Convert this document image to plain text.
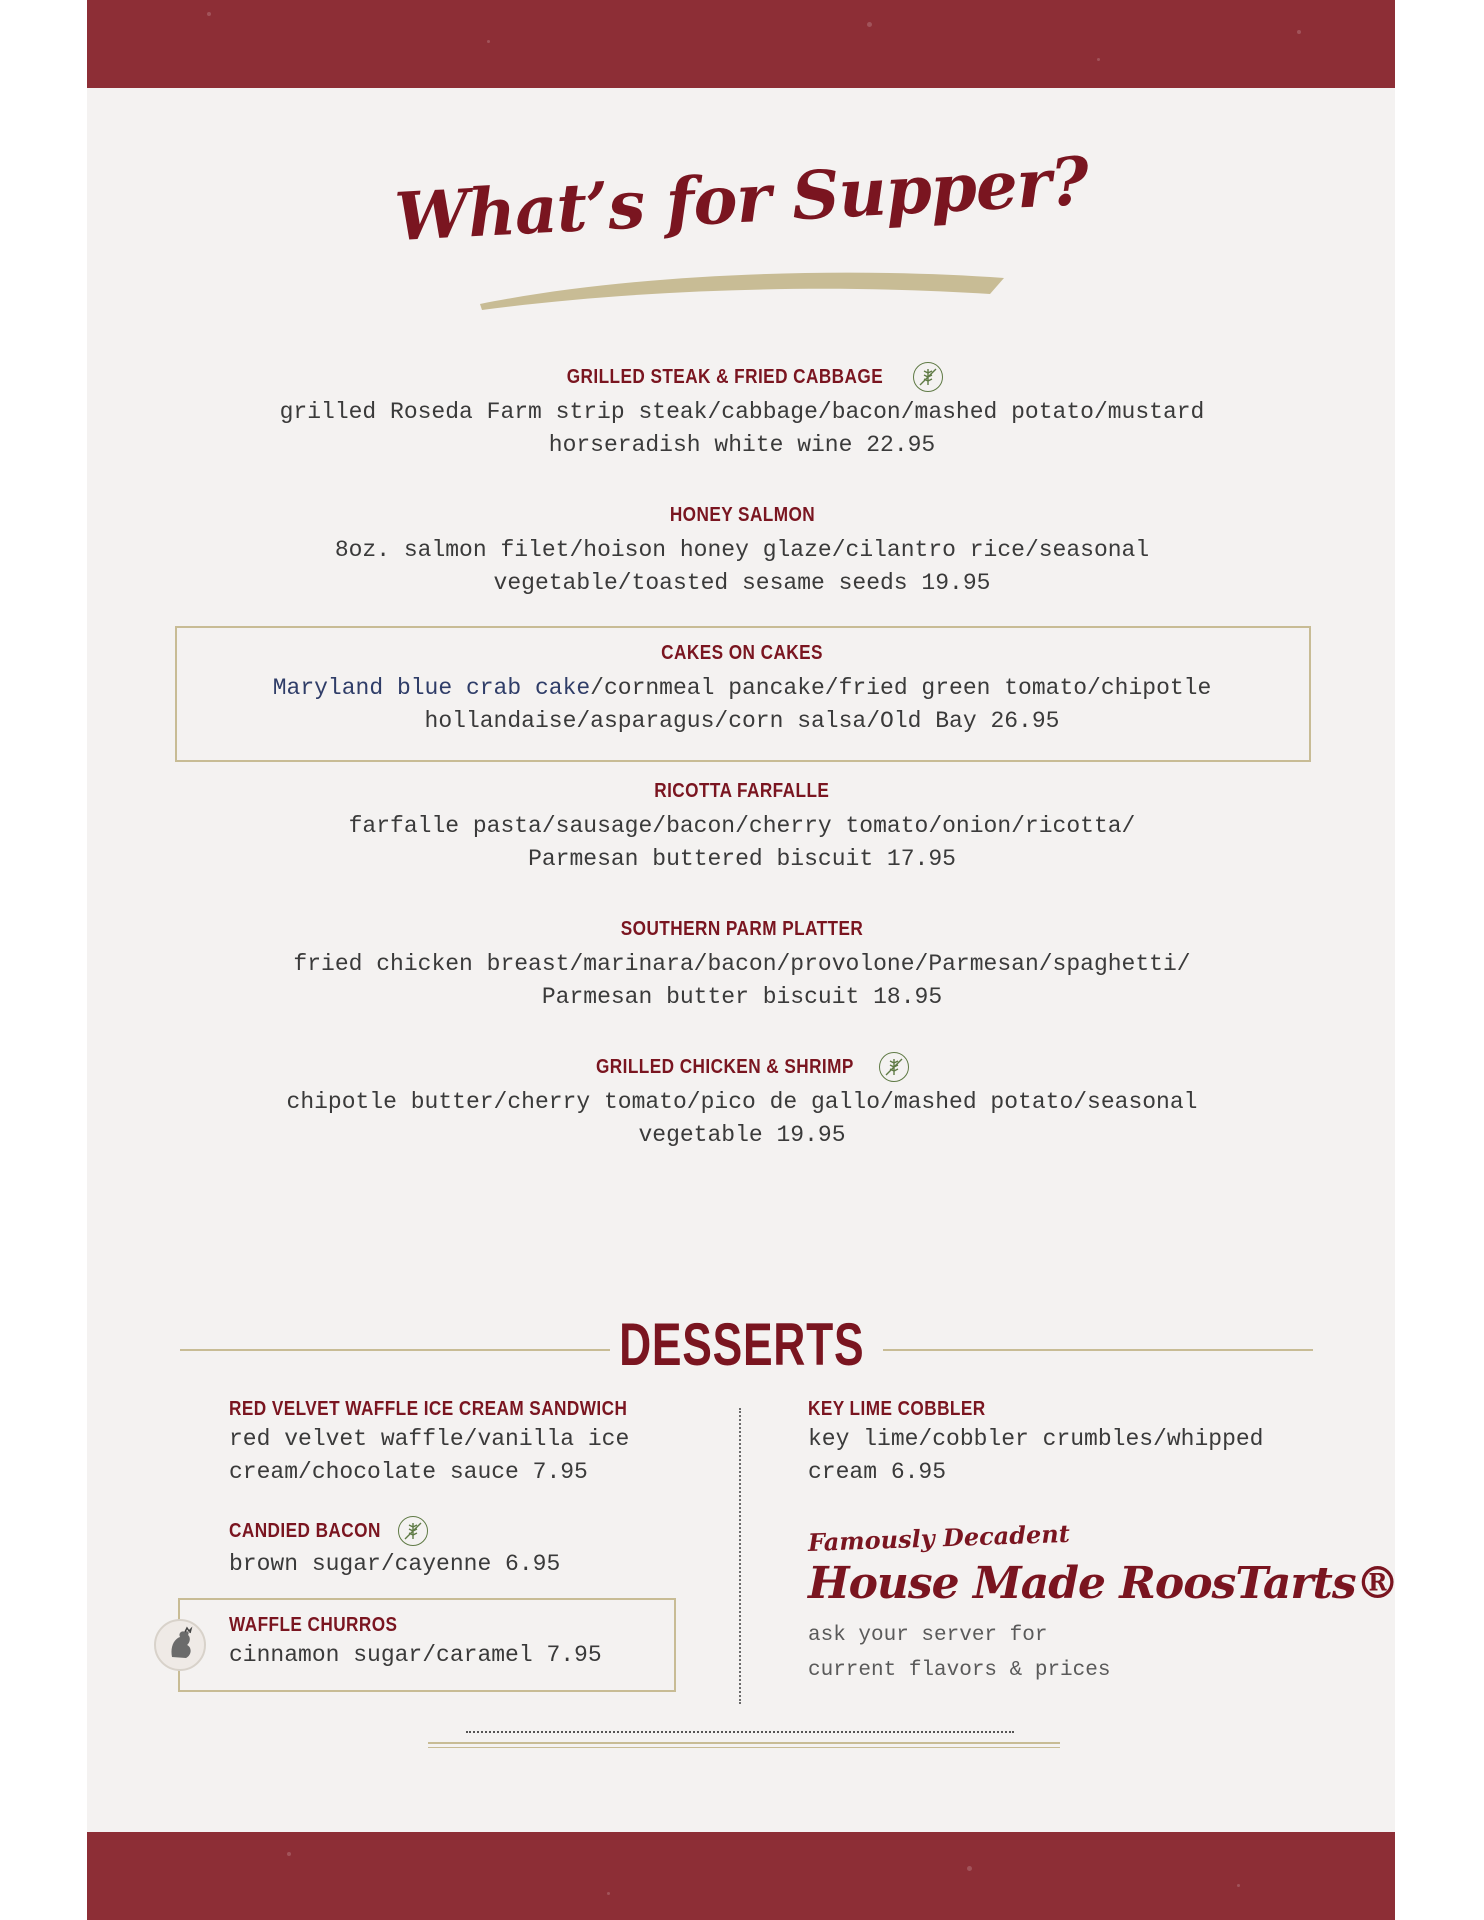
What’s for Supper?
GRILLED STEAK & FRIED CABBAGE
grilled Roseda Farm strip steak/cabbage/bacon/mashed potato/mustard
horseradish white wine 22.95
HONEY SALMON
8oz. salmon filet/hoison honey glaze/cilantro rice/seasonal
vegetable/toasted sesame seeds 19.95
CAKES ON CAKES
Maryland blue crab cake/cornmeal pancake/fried green tomato/chipotle
hollandaise/asparagus/corn salsa/Old Bay 26.95
RICOTTA FARFALLE
farfalle pasta/sausage/bacon/cherry tomato/onion/ricotta/
Parmesan buttered biscuit 17.95
SOUTHERN PARM PLATTER
fried chicken breast/marinara/bacon/provolone/Parmesan/spaghetti/
Parmesan butter biscuit 18.95
GRILLED CHICKEN & SHRIMP
chipotle butter/cherry tomato/pico de gallo/mashed potato/seasonal
vegetable 19.95
DESSERTS
RED VELVET WAFFLE ICE CREAM SANDWICH
red velvet waffle/vanilla ice
cream/chocolate sauce 7.95
CANDIED BACON
brown sugar/cayenne 6.95
WAFFLE CHURROS
cinnamon sugar/caramel 7.95
KEY LIME COBBLER
key lime/cobbler crumbles/whipped
cream 6.95

Famously Decadent

House Made RoosTarts®

ask your server for
current flavors & prices
